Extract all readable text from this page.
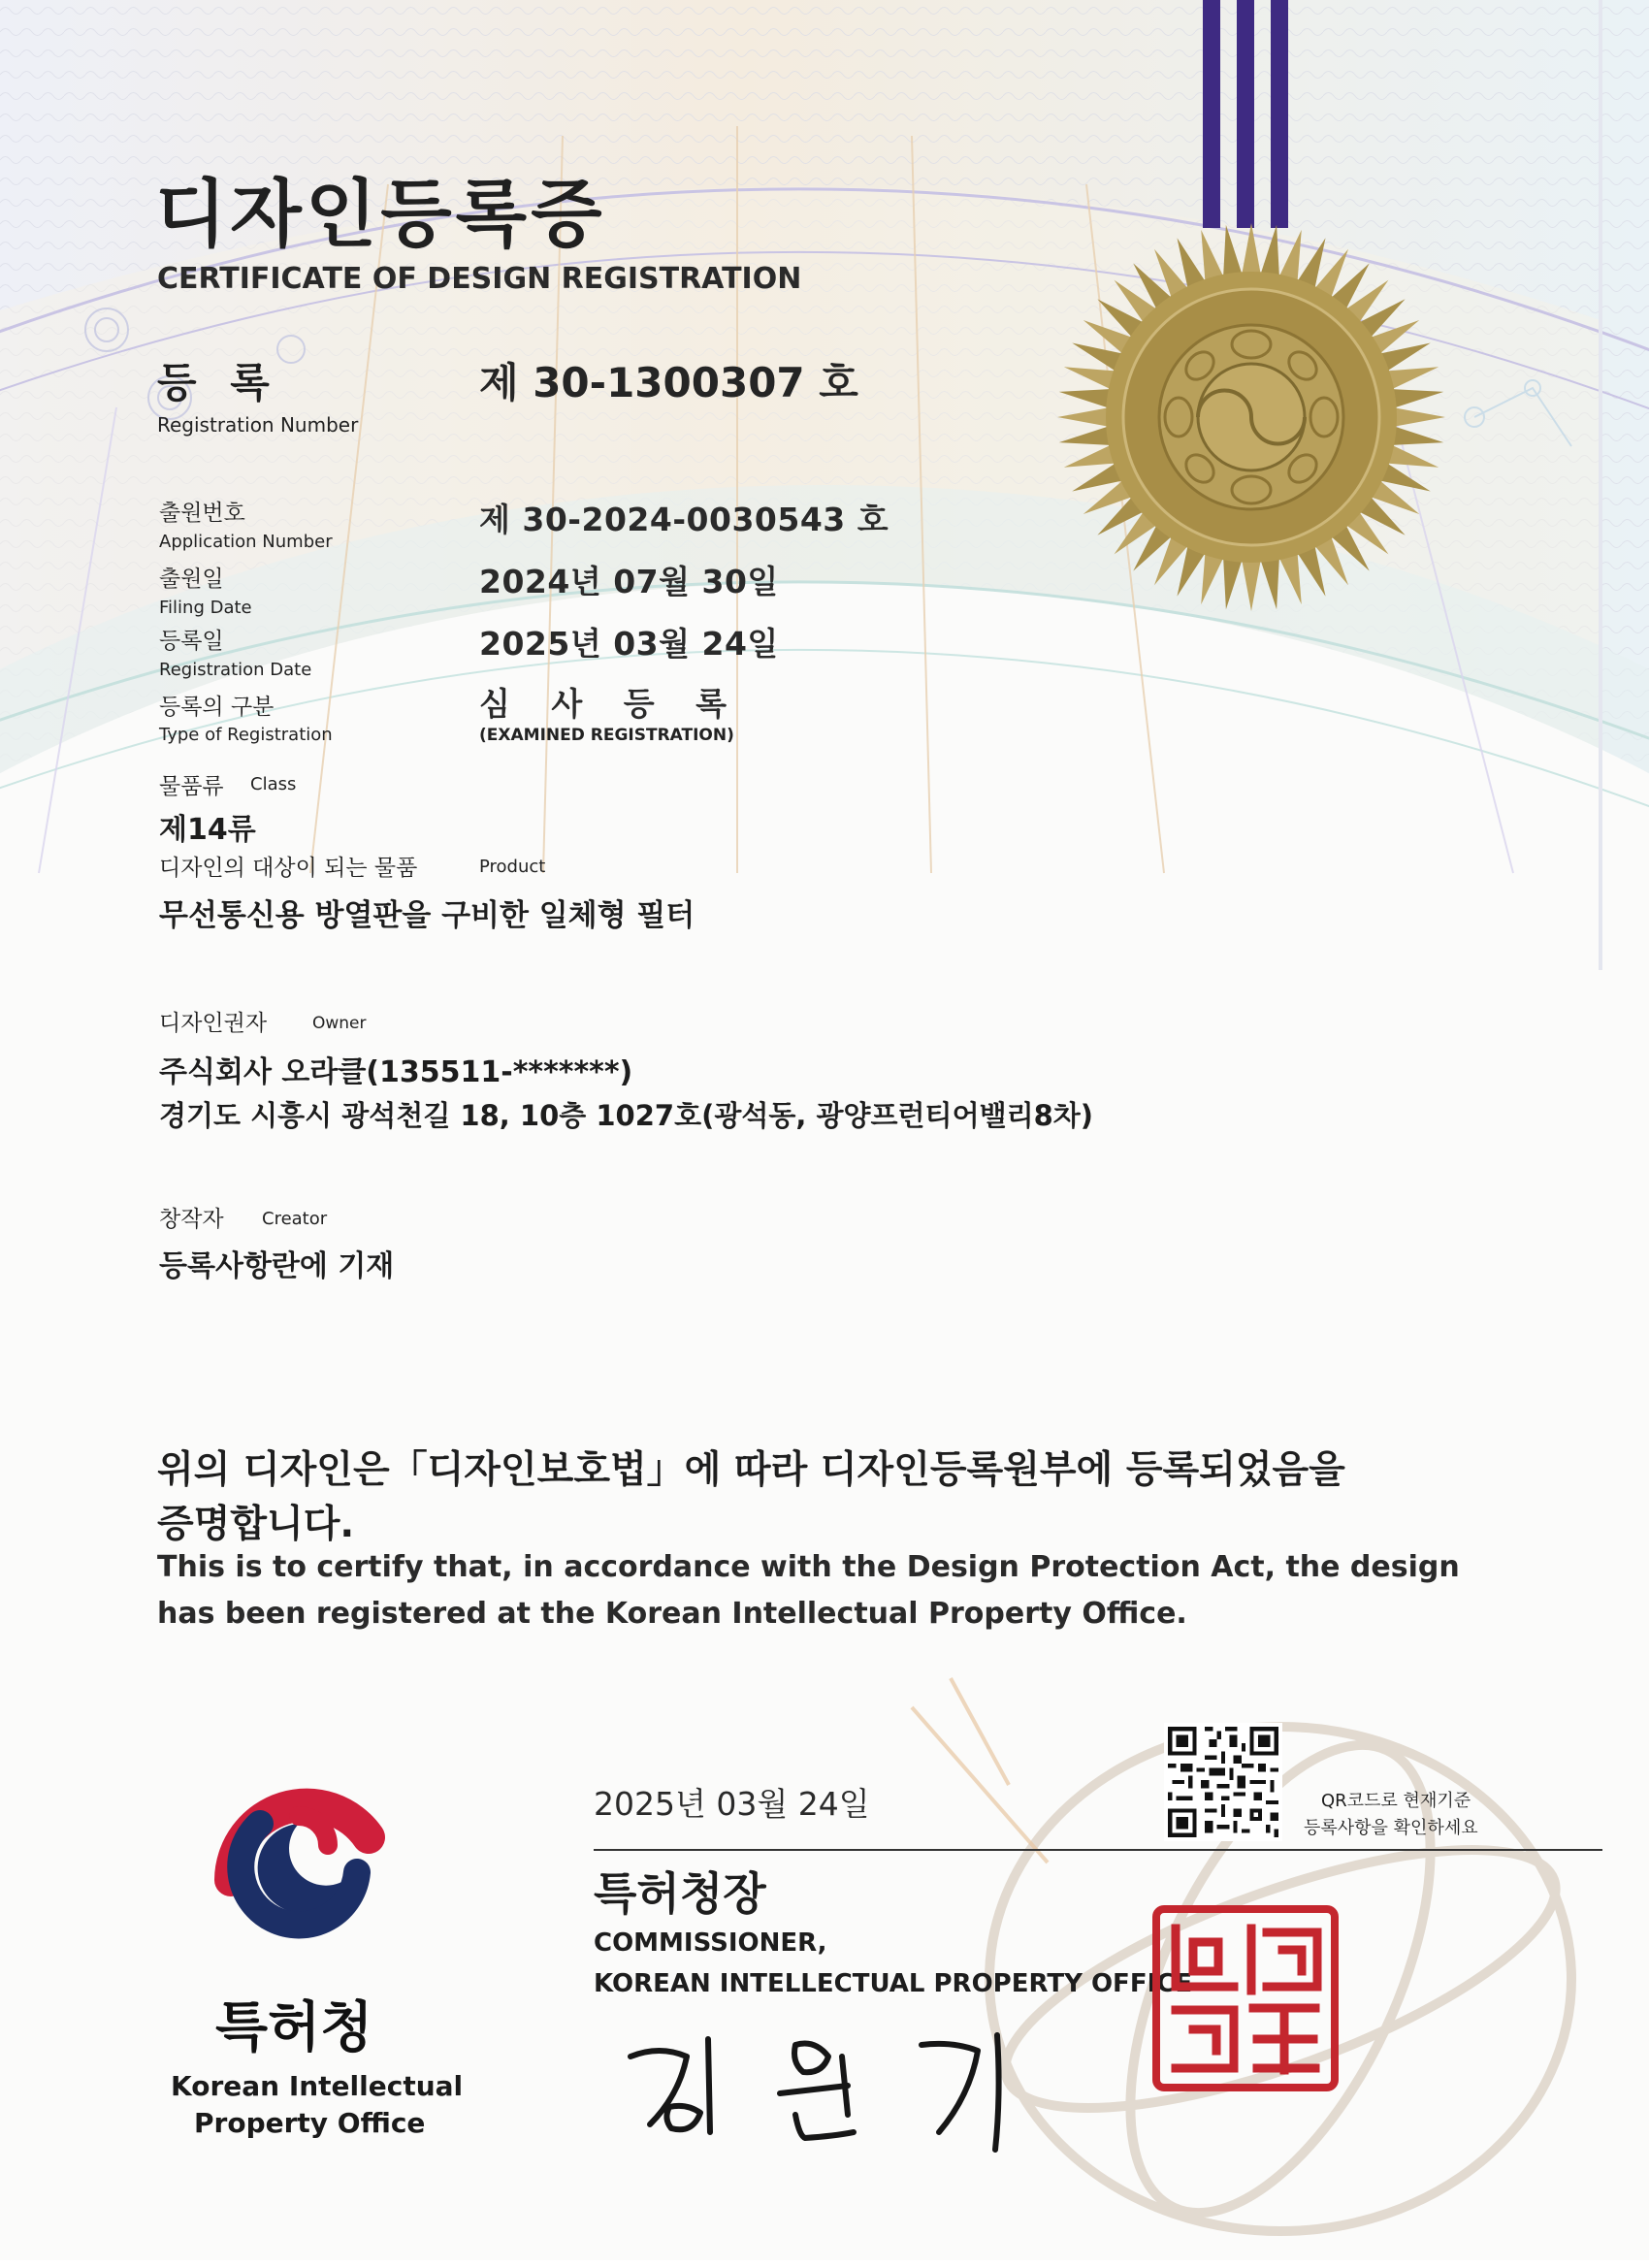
디자인등록증
CERTIFICATE OF DESIGN REGISTRATION
등 록
Registration Number
제 30-1300307 호
출원번호
Application Number
제 30-2024-0030543 호
출원일
Filing Date
2024년 07월 30일
등록일
Registration Date
2025년 03월 24일
등록의 구분
Type of Registration
심 사 등 록
(EXAMINED REGISTRATION)
물품류 Class
제14류
디자인의 대상이 되는 물품	Product
무선통신용 방열판을 구비한 일체형 필터
디자인권자	Owner
주식회사 오라클(135511-*******)
경기도 시흥시 광석천길 18, 10층 1027호(광석동, 광양프런티어밸리8차)
창작자 Creator
등록사항란에 기재
위의 디자인은「디자인보호법」에 따라 디자인등록원부에 등록되었음을
증명합니다.
This is to certify that, in accordance with the Design Protection Act, the design
has been registered at the Korean Intellectual Property Office.
QR코드로 현재기준
등록사항을 확인하세요
2025년 03월 24일
특허청장
COMMISSIONER,
KOREAN INTELLECTUAL PROPERTY OFFICE
특허청
Korean Intellectual
Property Office
